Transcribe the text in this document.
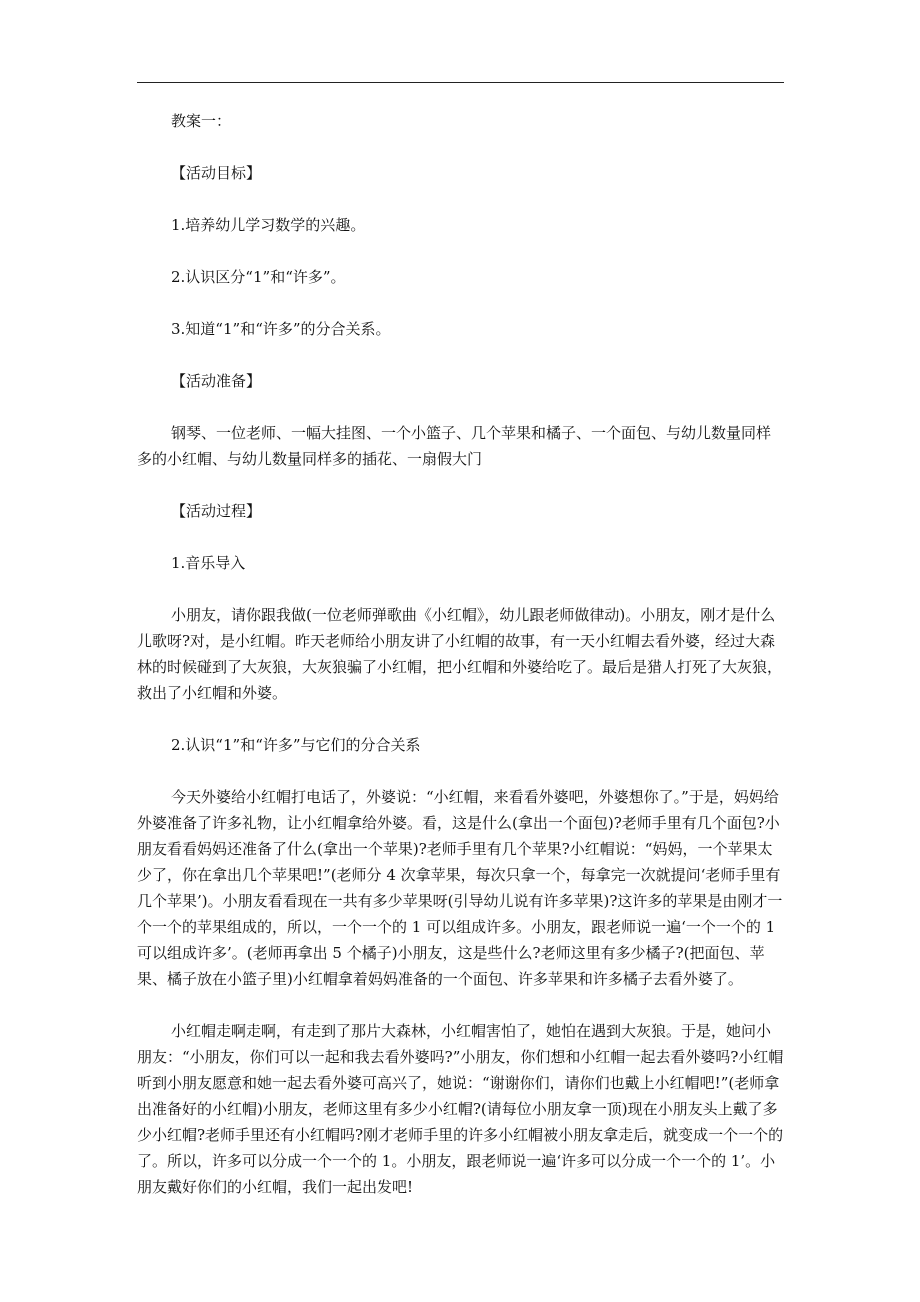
教案一：

【活动目标】

1.培养幼儿学习数学的兴趣。

2.认识区分“1”和“许多”。

3.知道“1”和“许多”的分合关系。

【活动准备】

钢琴、一位老师、一幅大挂图、一个小篮子、几个苹果和橘子、一个面包、与幼儿数量同样多的小红帽、与幼儿数量同样多的插花、一扇假大门

【活动过程】

1.音乐导入

小朋友，请你跟我做(一位老师弹歌曲《小红帽》，幼儿跟老师做律动)。小朋友，刚才是什么儿歌呀?对，是小红帽。昨天老师给小朋友讲了小红帽的故事，有一天小红帽去看外婆，经过大森林的时候碰到了大灰狼，大灰狼骗了小红帽，把小红帽和外婆给吃了。最后是猎人打死了大灰狼，救出了小红帽和外婆。

2.认识“1”和“许多”与它们的分合关系

今天外婆给小红帽打电话了，外婆说：“小红帽，来看看外婆吧，外婆想你了。”于是，妈妈给外婆准备了许多礼物，让小红帽拿给外婆。看，这是什么(拿出一个面包)?老师手里有几个面包?小朋友看看妈妈还准备了什么(拿出一个苹果)?老师手里有几个苹果?小红帽说：“妈妈，一个苹果太少了，你在拿出几个苹果吧!”(老师分 4 次拿苹果，每次只拿一个，每拿完一次就提问‘老师手里有几个苹果’)。小朋友看看现在一共有多少苹果呀(引导幼儿说有许多苹果)?这许多的苹果是由刚才一个一个的苹果组成的，所以，一个一个的 1 可以组成许多。小朋友，跟老师说一遍‘一个一个的 1 可以组成许多’。(老师再拿出 5 个橘子)小朋友，这是些什么?老师这里有多少橘子?(把面包、苹果、橘子放在小篮子里)小红帽拿着妈妈准备的一个面包、许多苹果和许多橘子去看外婆了。

小红帽走啊走啊，有走到了那片大森林，小红帽害怕了，她怕在遇到大灰狼。于是，她问小朋友：“小朋友，你们可以一起和我去看外婆吗?”小朋友，你们想和小红帽一起去看外婆吗?小红帽听到小朋友愿意和她一起去看外婆可高兴了，她说：“谢谢你们，请你们也戴上小红帽吧!”(老师拿出准备好的小红帽)小朋友，老师这里有多少小红帽?(请每位小朋友拿一顶)现在小朋友头上戴了多少小红帽?老师手里还有小红帽吗?刚才老师手里的许多小红帽被小朋友拿走后，就变成一个一个的了。所以，许多可以分成一个一个的 1。小朋友，跟老师说一遍‘许多可以分成一个一个的 1’。小朋友戴好你们的小红帽，我们一起出发吧!
